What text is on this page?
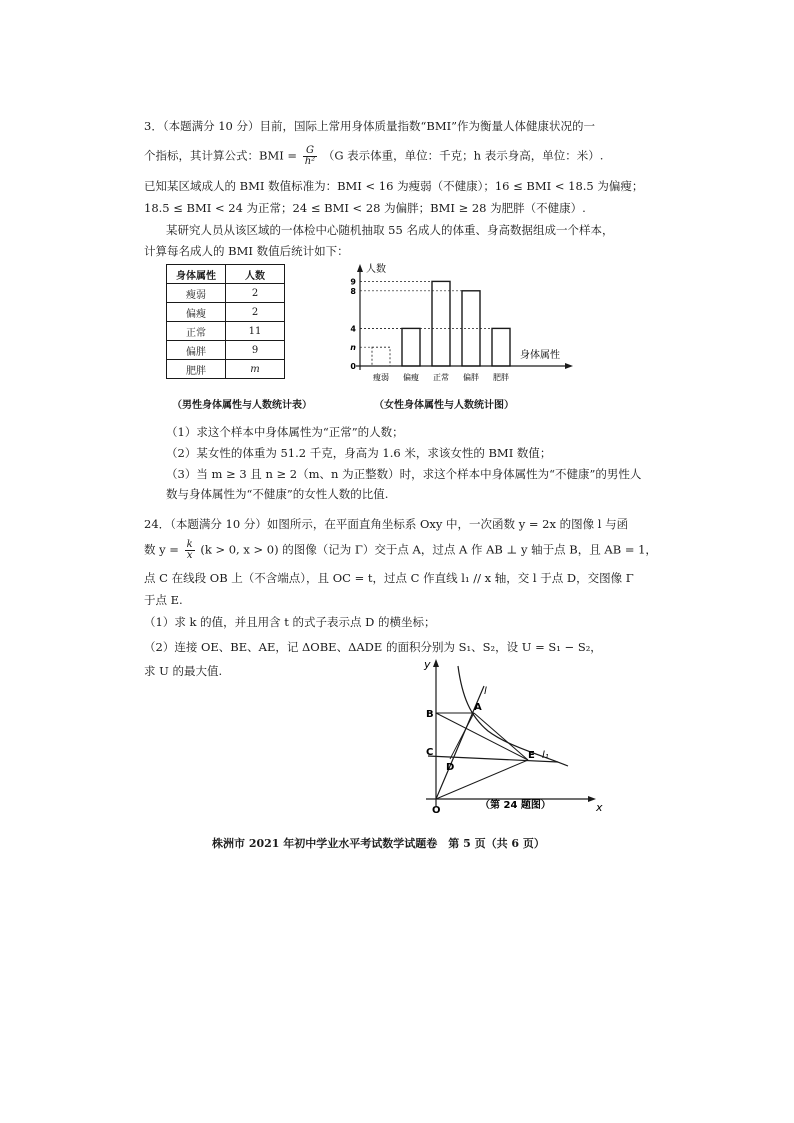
3．（本题满分 10 分）目前，国际上常用身体质量指数“BMI”作为衡量人体健康状况的一
个指标，其计算公式：BMI = $\frac{G}{\text{h²}} (G$ 表示体重，单位：千克；h 表示身高，单位：米）.
已知某区域成人的 BMI 数值标准为：BMI < 16 为瘦弱（不健康）；16 ≤ BMI < 18.5 为偏瘦；
18.5 ≤ BMI < 24 为正常；24 ≤ BMI < 28 为偏胖；BMI ≥ 28 为肥胖（不健康）.
某研究人员从该区域的一体检中心随机抽取 55 名成人的体重、身高数据组成一个样本，
计算每名成人的 BMI 数值后统计如下：
身体属性	人数
瘦弱	2
偏瘦	2
正常	11
偏胖	9
肥胖	m
（男性身体属性与人数统计表）
人数
身体属性
瘦弱 偏瘦 正常 偏胖 肥胖
0
n
4
8
9
（女性身体属性与人数统计图）
（1）求这个样本中身体属性为“正常”的人数；
（2）某女性的体重为 51.2 千克，身高为 1.6 米，求该女性的 BMI 数值；
（3）当 m ≥ 3 且 n ≥ 2（m、n 为正整数）时，求这个样本中身体属性为“不健康”的男性人
数与身体属性为“不健康”的女性人数的比值.
24．（本题满分 10 分）如图所示，在平面直角坐标系 Oxy 中，一次函数 y = 2x 的图像 l 与函
数 $y = \frac{k}{x} (k > 0$, x > 0) 的图像（记为 Γ）交于点 A，过点 A 作 AB ⊥ y 轴于点 B，且 AB = 1，
点 C 在线段 OB 上（不含端点），且 OC = t，过点 C 作直线 l₁ // x 轴，交 l 于点 D，交图像 Γ
于点 E.
（1）求 k 的值，并且用含 t 的式子表示点 D 的横坐标；
（2）连接 OE、BE、AE，记 ΔOBE、ΔADE 的面积分别为 S₁、S₂，设 U = S₁ − S₂，
求 U 的最大值.	y
x
O
B
A
C
D
E
l
l₁
（第 24 题图）
株洲市 2021 年初中学业水平考试数学试题卷　第 5 页（共 6 页）
